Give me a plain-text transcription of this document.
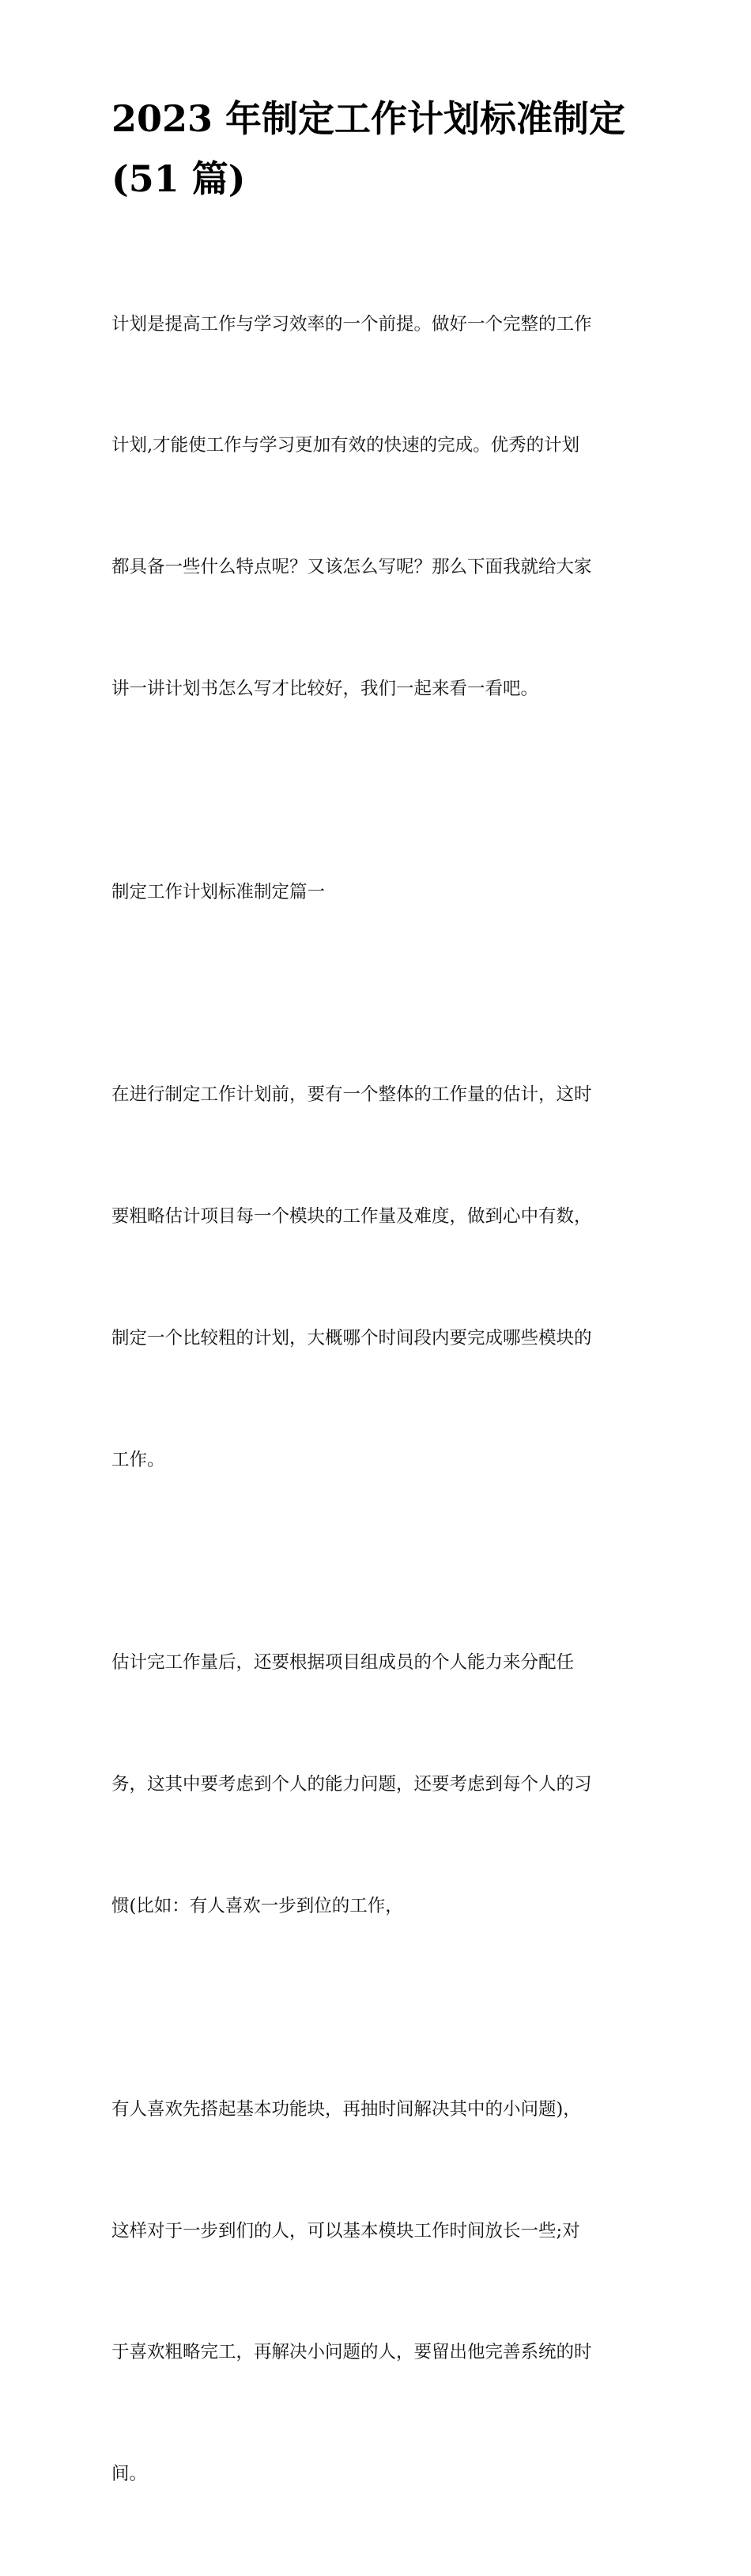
2023 年制定工作计划标准制定
(51 篇)

计划是提高工作与学习效率的一个前提。做好一个完整的工作

计划,才能使工作与学习更加有效的快速的完成。优秀的计划

都具备一些什么特点呢？又该怎么写呢？那么下面我就给大家

讲一讲计划书怎么写才比较好，我们一起来看一看吧。

制定工作计划标准制定篇一

在进行制定工作计划前，要有一个整体的工作量的估计，这时

要粗略估计项目每一个模块的工作量及难度，做到心中有数，

制定一个比较粗的计划，大概哪个时间段内要完成哪些模块的

工作。

估计完工作量后，还要根据项目组成员的个人能力来分配任

务，这其中要考虑到个人的能力问题，还要考虑到每个人的习

惯(比如：有人喜欢一步到位的工作，

有人喜欢先搭起基本功能块，再抽时间解决其中的小问题)，

这样对于一步到们的人，可以基本模块工作时间放长一些;对

于喜欢粗略完工，再解决小问题的人，要留出他完善系统的时

间。
